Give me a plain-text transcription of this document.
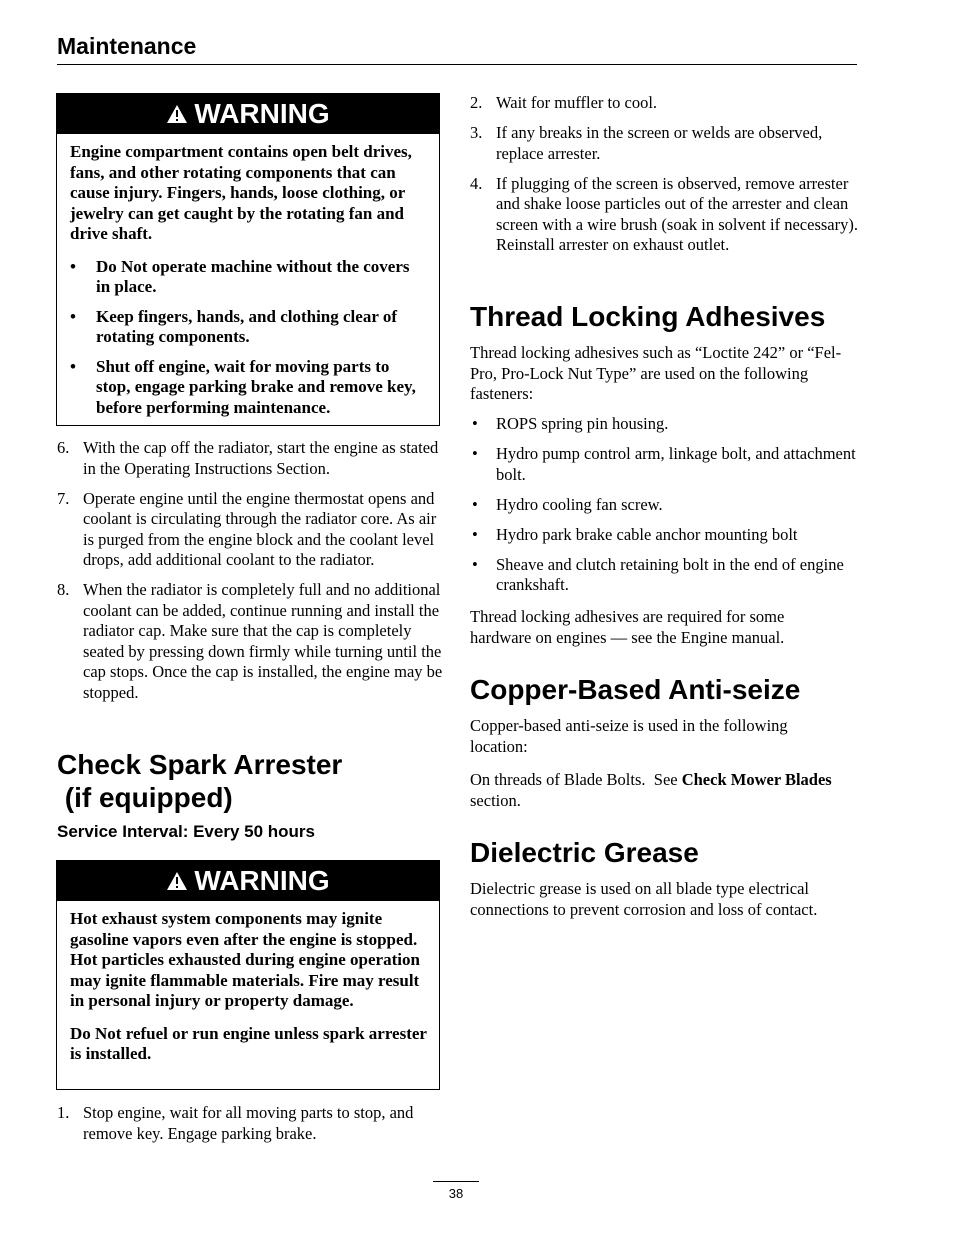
Maintenance
WARNING

Engine compartment contains open belt drives, fans, and other rotating components that can cause injury. Fingers, hands, loose clothing, or jewelry can get caught by the rotating fan and drive shaft.

• Do Not operate machine without the covers in place.
• Keep fingers, hands, and clothing clear of rotating components.
• Shut off engine, wait for moving parts to stop, engage parking brake and remove key, before performing maintenance.
6. With the cap off the radiator, start the engine as stated in the Operating Instructions Section.
7. Operate engine until the engine thermostat opens and coolant is circulating through the radiator core. As air is purged from the engine block and the coolant level drops, add additional coolant to the radiator.
8. When the radiator is completely full and no additional coolant can be added, continue running and install the radiator cap. Make sure that the cap is completely seated by pressing down firmly while turning until the cap stops. Once the cap is installed, the engine may be stopped.
Check Spark Arrester
(if equipped)
Service Interval: Every 50 hours
WARNING

Hot exhaust system components may ignite gasoline vapors even after the engine is stopped. Hot particles exhausted during engine operation may ignite flammable materials. Fire may result in personal injury or property damage.

Do Not refuel or run engine unless spark arrester is installed.

1. Stop engine, wait for all moving parts to stop, and remove key. Engage parking brake.
2. Wait for muffler to cool.
3. If any breaks in the screen or welds are observed, replace arrester.
4. If plugging of the screen is observed, remove arrester and shake loose particles out of the arrester and clean screen with a wire brush (soak in solvent if necessary). Reinstall arrester on exhaust outlet.
Thread Locking Adhesives

Thread locking adhesives such as “Loctite 242” or “Fel-Pro, Pro-Lock Nut Type” are used on the following fasteners:

• ROPS spring pin housing.
• Hydro pump control arm, linkage bolt, and attachment bolt.
• Hydro cooling fan screw.
• Hydro park brake cable anchor mounting bolt
• Sheave and clutch retaining bolt in the end of engine crankshaft.

Thread locking adhesives are required for some hardware on engines — see the Engine manual.

Copper-Based Anti-seize

Copper-based anti-seize is used in the following location:

On threads of Blade Bolts.  See Check Mower Blades section.

Dielectric Grease

Dielectric grease is used on all blade type electrical connections to prevent corrosion and loss of contact.

38
